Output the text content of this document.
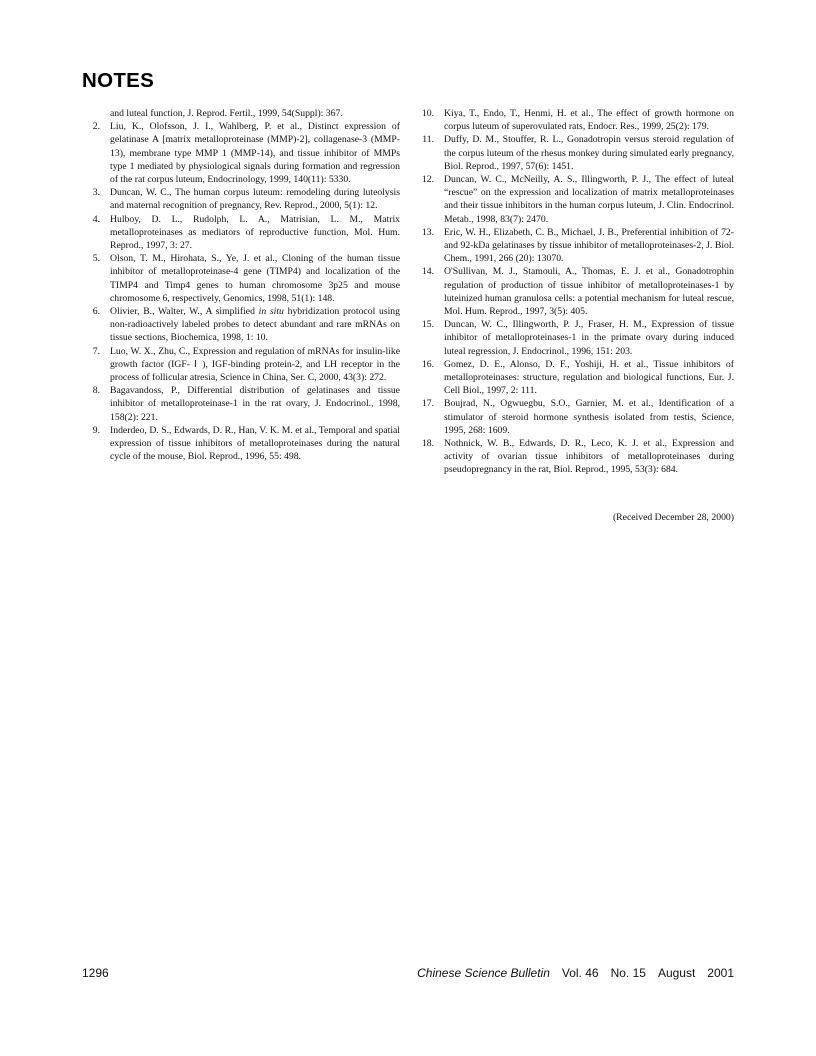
NOTES
and luteal function, J. Reprod. Fertil., 1999, 54(Suppl): 367.
2. Liu, K., Olofsson, J. I., Wahlberg, P. et al., Distinct expression of gelatinase A [matrix metalloproteinase (MMP)-2], collagenase-3 (MMP-13), membrane type MMP 1 (MMP-14), and tissue inhibitor of MMPs type 1 mediated by physiological signals during formation and regression of the rat corpus luteum, Endocrinology, 1999, 140(11): 5330.
3. Duncan, W. C., The human corpus luteum: remodeling during luteolysis and maternal recognition of pregnancy, Rev. Reprod., 2000, 5(1): 12.
4. Hulboy, D. L., Rudolph, L. A., Matrisian, L. M., Matrix metalloproteinases as mediators of reproductive function, Mol. Hum. Reprod., 1997, 3: 27.
5. Olson, T. M., Hirohata, S., Ye, J. et al., Cloning of the human tissue inhibitor of metalloproteinase-4 gene (TIMP4) and localization of the TIMP4 and Timp4 genes to human chromosome 3p25 and mouse chromosome 6, respectively, Genomics, 1998, 51(1): 148.
6. Olivier, B., Walter, W., A simplified in situ hybridization protocol using non-radioactively labeled probes to detect abundant and rare mRNAs on tissue sections, Biochemica, 1998, 1: 10.
7. Luo, W. X., Zhu, C., Expression and regulation of mRNAs for insulin-like growth factor (IGF- Ⅰ ), IGF-binding protein-2, and LH receptor in the process of follicular atresia, Science in China, Ser. C, 2000, 43(3): 272.
8. Bagavandoss, P., Differential distribution of gelatinases and tissue inhibitor of metalloproteinase-1 in the rat ovary, J. Endocrinol., 1998, 158(2): 221.
9. Inderdeo, D. S., Edwards, D. R., Han, V. K. M. et al., Temporal and spatial expression of tissue inhibitors of metalloproteinases during the natural cycle of the mouse, Biol. Reprod., 1996, 55: 498.
10. Kiya, T., Endo, T., Henmi, H. et al., The effect of growth hormone on corpus luteum of superovulated rats, Endocr. Res., 1999, 25(2): 179.
11. Duffy, D. M., Stouffer, R. L., Gonadotropin versus steroid regulation of the corpus luteum of the rhesus monkey during simulated early pregnancy, Biol. Reprod., 1997, 57(6): 1451.
12. Duncan, W. C., McNeilly, A. S., Illingworth, P. J., The effect of luteal “rescue” on the expression and localization of matrix metalloproteinases and their tissue inhibitors in the human corpus luteum, J. Clin. Endocrinol. Metab., 1998, 83(7): 2470.
13. Eric, W. H., Elizabeth, C. B., Michael, J. B., Preferential inhibition of 72- and 92-kDa gelatinases by tissue inhibitor of metalloproteinases-2, J. Biol. Chem., 1991, 266 (20): 13070.
14. O'Sullivan, M. J., Stamouli, A., Thomas, E. J. et al., Gonadotrophin regulation of production of tissue inhibitor of metalloproteinases-1 by luteinized human granulosa cells: a potential mechanism for luteal rescue, Mol. Hum. Reprod., 1997, 3(5): 405.
15. Duncan, W. C., Illingworth, P. J., Fraser, H. M., Expression of tissue inhibitor of metalloproteinases-1 in the primate ovary during induced luteal regression, J. Endocrinol., 1996, 151: 203.
16. Gomez, D. E., Alonso, D. F., Yoshiji, H. et al., Tissue inhibitors of metalloproteinases: structure, regulation and biological functions, Eur. J. Cell Biol., 1997, 2: 111.
17. Boujrad, N., Ogwuegbu, S.O., Garnier, M. et al., Identification of a stimulator of steroid hormone synthesis isolated from testis, Science, 1995, 268: 1609.
18. Nothnick, W. B., Edwards, D. R., Leco, K. J. et al., Expression and activity of ovarian tissue inhibitors of metalloproteinases during pseudopregnancy in the rat, Biol. Reprod., 1995, 53(3): 684.
(Received December 28, 2000)
1296	Chinese Science Bulletin Vol. 46 No. 15 August 2001
